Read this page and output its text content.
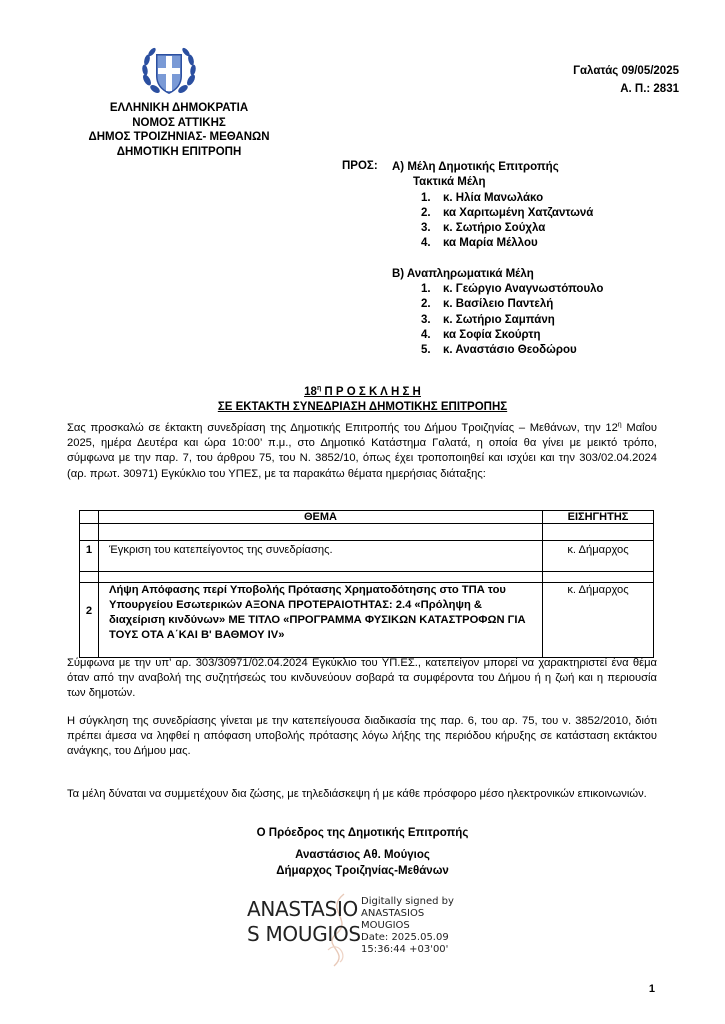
ΕΛΛΗΝΙΚΗ ΔΗΜΟΚΡΑΤΙΑ
ΝΟΜΟΣ ΑΤΤΙΚΗΣ
ΔΗΜΟΣ ΤΡΟΙΖΗΝΙΑΣ- ΜΕΘΑΝΩΝ
ΔΗΜΟΤΙΚΗ ΕΠΙΤΡΟΠΗ
Γαλατάς 09/05/2025
Α. Π.: 2831
ΠΡΟΣ: Α) Μέλη Δημοτικής Επιτροπής
Τακτικά Μέλη
1. κ. Ηλία Μανωλάκο
2. κα Χαριτωμένη Χατζαντωνά
3. κ. Σωτήριο Σούχλα
4. κα Μαρία Μέλλου
Β) Αναπληρωματικά Μέλη
1. κ. Γεώργιο Αναγνωστόπουλο
2. κ. Βασίλειο Παντελή
3. κ. Σωτήριο Σαμπάνη
4. κα Σοφία Σκούρτη
5. κ. Αναστάσιο Θεοδώρου
$18^\eta$ Π Ρ Ο Σ Κ Λ Η Σ Η
ΣΕ ΕΚΤΑΚΤΗ ΣΥΝΕΔΡΙΑΣΗ ΔΗΜΟΤΙΚΗΣ ΕΠΙΤΡΟΠΗΣ
Σας προσκαλώ σε έκτακτη συνεδρίαση της Δημοτικής Επιτροπής του Δήμου Τροιζηνίας – Μεθάνων, την $12^\eta$ Μαΐου 2025, ημέρα Δευτέρα και ώρα 10:00’ π.μ., στο Δημοτικό Κατάστημα Γαλατά, η οποία θα γίνει με μεικτό τρόπο, σύμφωνα με την παρ. 7, του άρθρου 75, του Ν. 3852/10, όπως έχει τροποποιηθεί και ισχύει και την 303/02.04.2024 (αρ. πρωτ. 30971) Εγκύκλιο του ΥΠΕΣ, με τα παρακάτω θέματα ημερήσιας διάταξης:
	ΘΕΜΑ	ΕΙΣΗΓΗΤΗΣ

1	Έγκριση του κατεπείγοντος της συνεδρίασης.	κ. Δήμαρχος

2	Λήψη Απόφασης περί Υποβολής Πρότασης Χρηματοδότησης στο ΤΠΑ του Υπουργείου Εσωτερικών ΑΞΟΝΑ ΠΡΟΤΕΡΑΙΟΤΗΤΑΣ: 2.4 «Πρόληψη & διαχείριση κινδύνων» ΜΕ ΤΙΤΛΟ «ΠΡΟΓΡΑΜΜΑ ΦΥΣΙΚΩΝ ΚΑΤΑΣΤΡΟΦΩΝ ΓΙΑ ΤΟΥΣ ΟΤΑ Α΄ΚΑΙ Β' ΒΑΘΜΟΥ IV»	κ. Δήμαρχος
Σύμφωνα με την υπ’ αρ. 303/30971/02.04.2024 Εγκύκλιο του ΥΠ.ΕΣ., κατεπείγον μπορεί να χαρακτηριστεί ένα θέμα όταν από την αναβολή της συζητήσεώς του κινδυνεύουν σοβαρά τα συμφέροντα του Δήμου ή η ζωή και η περιουσία των δημοτών.
Η σύγκληση της συνεδρίασης γίνεται με την κατεπείγουσα διαδικασία της παρ. 6, του αρ. 75, του ν. 3852/2010, διότι πρέπει άμεσα να ληφθεί η απόφαση υποβολής πρότασης λόγω λήξης της περιόδου κήρυξης σε κατάσταση εκτάκτου ανάγκης, του Δήμου μας.
Τα μέλη δύναται να συμμετέχουν δια ζώσης, με τηλεδιάσκεψη ή με κάθε πρόσφορο μέσο ηλεκτρονικών επικοινωνιών.
Ο Πρόεδρος της Δημοτικής Επιτροπής
Αναστάσιος Αθ. Μούγιος
Δήμαρχος Τροιζηνίας-Μεθάνων
ANASTASIO
S MOUGIOS
Digitally signed by
ANASTASIOS
MOUGIOS
Date: 2025.05.09
15:36:44 +03'00'
1
